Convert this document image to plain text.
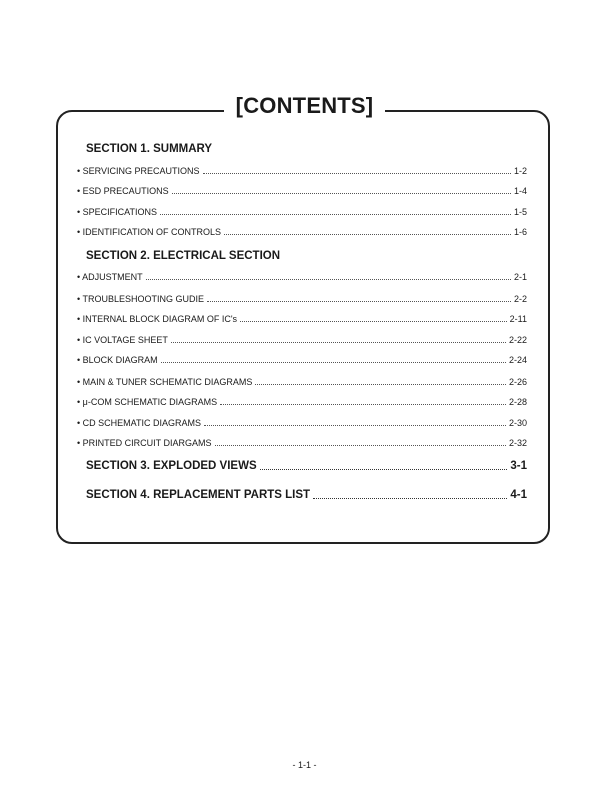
[CONTENTS]
SECTION 1. SUMMARY
• SERVICING PRECAUTIONS	1-2
• ESD PRECAUTIONS	1-4
• SPECIFICATIONS	1-5
• IDENTIFICATION OF CONTROLS	1-6
SECTION 2. ELECTRICAL SECTION
• ADJUSTMENT	2-1
• TROUBLESHOOTING GUDIE	2-2
• INTERNAL BLOCK DIAGRAM OF IC's	2-11
• IC VOLTAGE SHEET	2-22
• BLOCK DIAGRAM	2-24
• MAIN & TUNER SCHEMATIC DIAGRAMS	2-26
• μ-COM SCHEMATIC DIAGRAMS	2-28
• CD SCHEMATIC DIAGRAMS	2-30
• PRINTED CIRCUIT DIARGAMS	2-32
SECTION 3. EXPLODED VIEWS	3-1
SECTION 4. REPLACEMENT PARTS LIST	4-1
- 1-1 -
